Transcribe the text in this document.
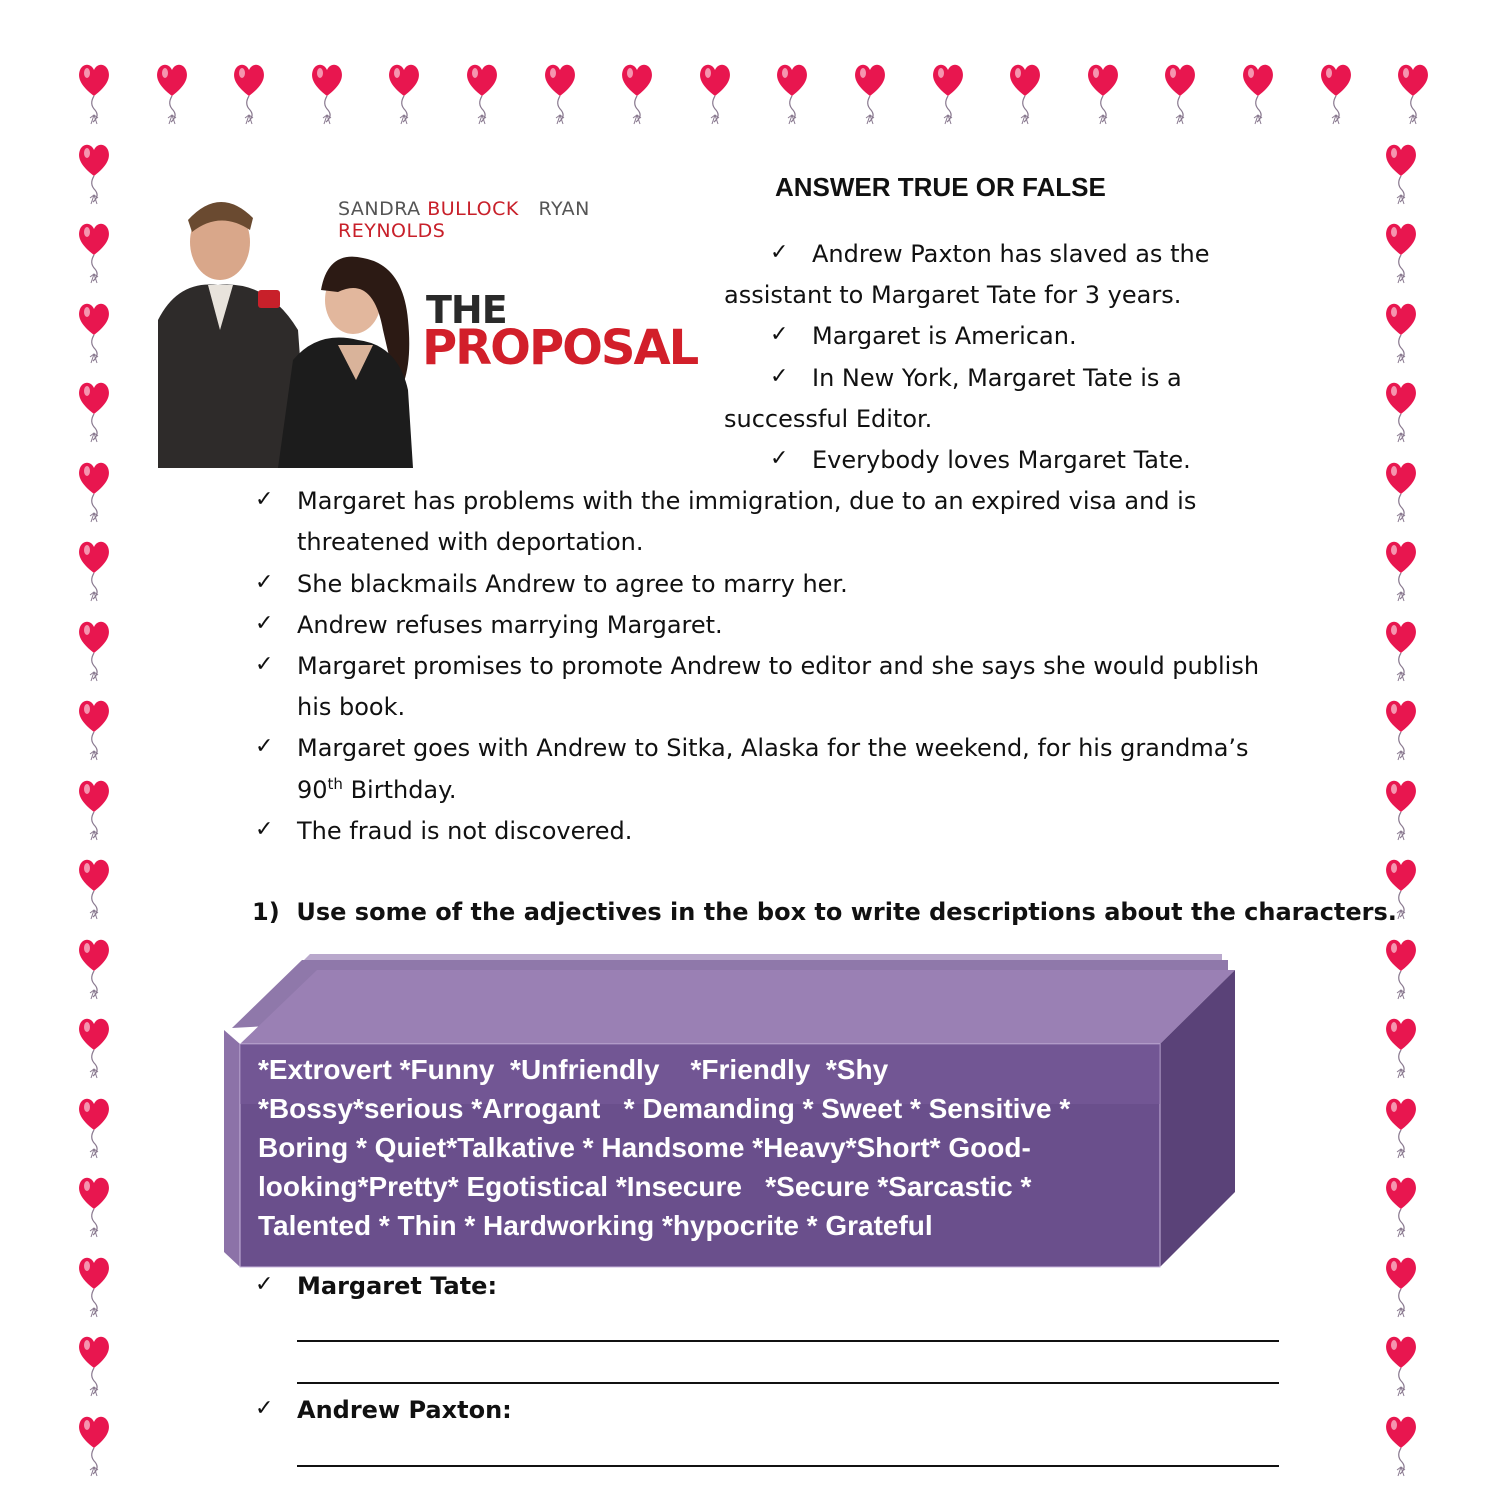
SANDRA BULLOCK RYAN REYNOLDS
THE
PROPOSAL
ANSWER TRUE OR FALSE
✓ Andrew Paxton has slaved as the
assistant to Margaret Tate for 3 years.
✓ Margaret is American.
✓ In New York, Margaret Tate is a
successful Editor.
✓ Everybody loves Margaret Tate.
✓ Margaret has problems with the immigration, due to an expired visa and is
threatened with deportation.
✓ She blackmails Andrew to agree to marry her.
✓ Andrew refuses marrying Margaret.
✓ Margaret promises to promote Andrew to editor and she says she would publish
his book.
✓ Margaret goes with Andrew to Sitka, Alaska for the weekend, for his grandma’s
90th Birthday.
✓ The fraud is not discovered.
1) Use some of the adjectives in the box to write descriptions about the characters.
*Extrovert *Funny  *Unfriendly    *Friendly  *Shy
*Bossy*serious *Arrogant   * Demanding * Sweet * Sensitive *
Boring * Quiet*Talkative * Handsome *Heavy*Short* Good-
looking*Pretty* Egotistical *Insecure   *Secure *Sarcastic *
Talented * Thin * Hardworking *hypocrite * Grateful
✓ Margaret Tate:
✓ Andrew Paxton:
